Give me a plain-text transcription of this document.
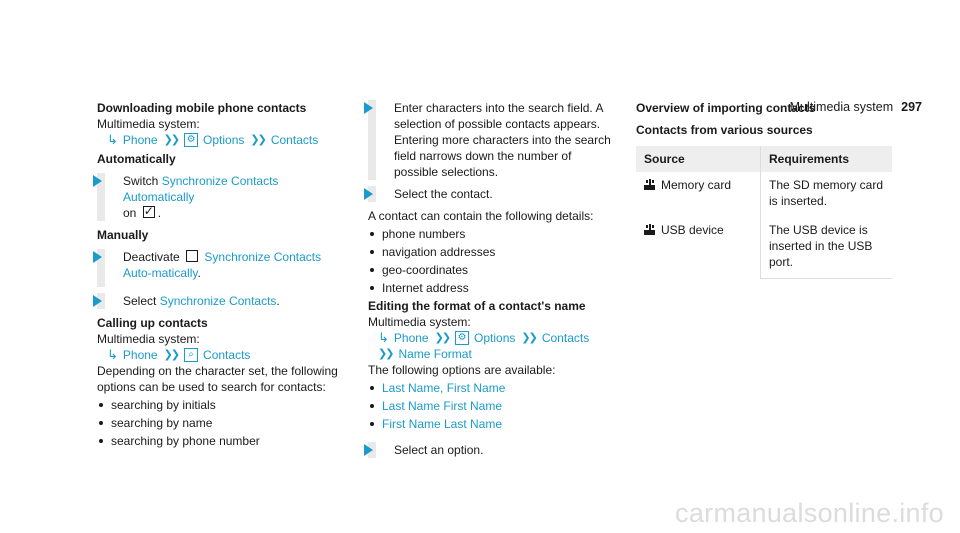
Multimedia system 297
Downloading mobile phone contacts
Multimedia system:
↳ Phone ❯❯ ⚙ Options ❯❯ Contacts
Automatically
Switch Synchronize Contacts Automatically
on ✓ .
Manually
Deactivate Synchronize Contacts Auto-matically.
Select Synchronize Contacts.
Calling up contacts
Multimedia system:
↳ Phone ❯❯	⌕ Contacts
Depending on the character set, the following options can be used to search for contacts:
searching by initials
searching by name
searching by phone number
Enter characters into the search field. A selection of possible contacts appears. Entering more characters into the search field narrows down the number of possible selections.
Select the contact.
A contact can contain the following details:
phone numbers
navigation addresses
geo-coordinates
Internet address
Editing the format of a contact's name
Multimedia system:
↳ Phone ❯❯ ⚙ Options ❯❯ Contacts
❯❯ Name Format
The following options are available:
Last Name, First Name
Last Name First Name
First Name Last Name
Select an option.
Overview of importing contacts
Contacts from various sources
Source	Requirements
Memory card	The SD memory card is inserted.
USB device	The USB device is inserted in the USB port.
carmanualsonline.info
